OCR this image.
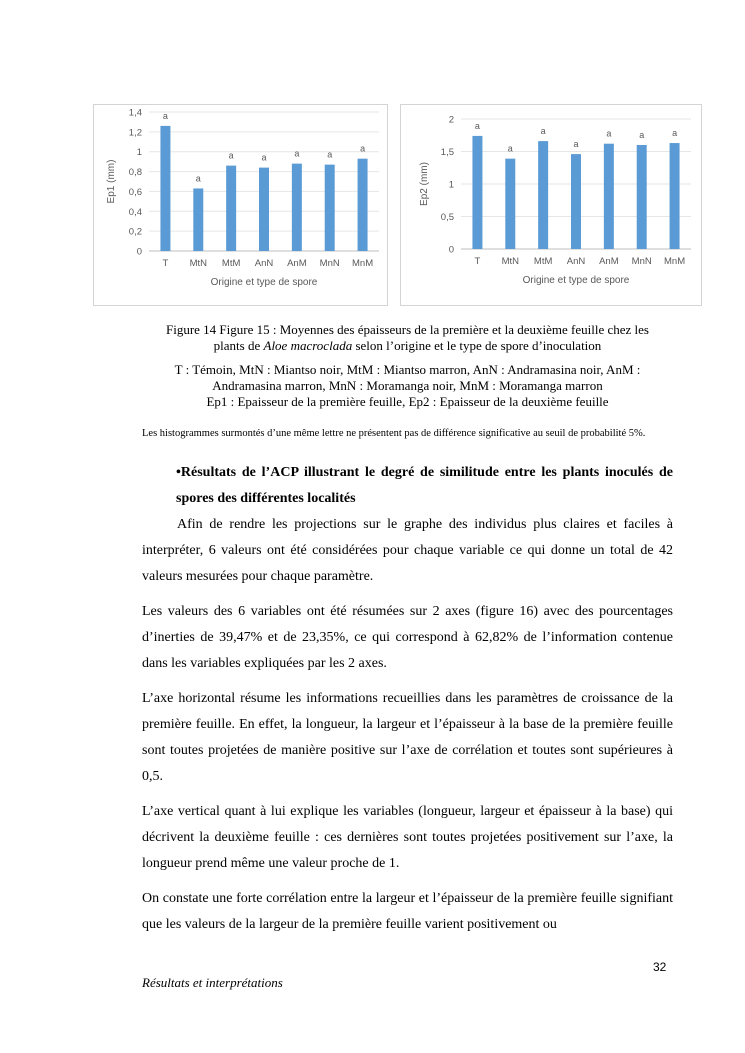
0
0,2
0,4
0,6
0,8
1
1,2
1,4 a
T
a
MtN
a
MtM
a
AnN
a
AnM
a
MnN
a
MnM
Origine et type de spore
Ep1 (mm)
0
0,5
1
1,5
2
a
T
a
MtN
a
MtM
a
AnN
a
AnM
a
MnN
a
MnM
Origine et type de spore
Ep2 (mm)
Figure 14 Figure 15 : Moyennes des épaisseurs de la première et la deuxième feuille chez les
plants de Aloe macroclada selon l’origine et le type de spore d’inoculation
T : Témoin, MtN : Miantso noir, MtM : Miantso marron, AnN : Andramasina noir, AnM :
Andramasina marron, MnN : Moramanga noir, MnM : Moramanga marron
Ep1 : Epaisseur de la première feuille, Ep2 : Epaisseur de la deuxième feuille
Les histogrammes surmontés d’une même lettre ne présentent pas de différence significative au seuil de probabilité 5%.
•Résultats de l’ACP illustrant le degré de similitude entre les plants inoculés de spores des différentes localités
Afin de rendre les projections sur le graphe des individus plus claires et faciles à interpréter, 6 valeurs ont été considérées pour chaque variable ce qui donne un total de 42 valeurs mesurées pour chaque paramètre.
Les valeurs des 6 variables ont été résumées sur 2 axes (figure 16) avec des pourcentages d’inerties de 39,47% et de 23,35%, ce qui correspond à 62,82% de l’information contenue dans les variables expliquées par les 2 axes.
L’axe horizontal résume les informations recueillies dans les paramètres de croissance de la première feuille. En effet, la longueur, la largeur et l’épaisseur à la base de la première feuille sont toutes projetées de manière positive sur l’axe de corrélation et toutes sont supérieures à 0,5.
L’axe vertical quant à lui explique les variables (longueur, largeur et épaisseur à la base) qui décrivent la deuxième feuille : ces dernières sont toutes projetées positivement sur l’axe, la longueur prend même une valeur proche de 1.
On constate une forte corrélation entre la largeur et l’épaisseur de la première feuille signifiant que les valeurs de la largeur de la première feuille varient positivement ou
32
Résultats et interprétations
